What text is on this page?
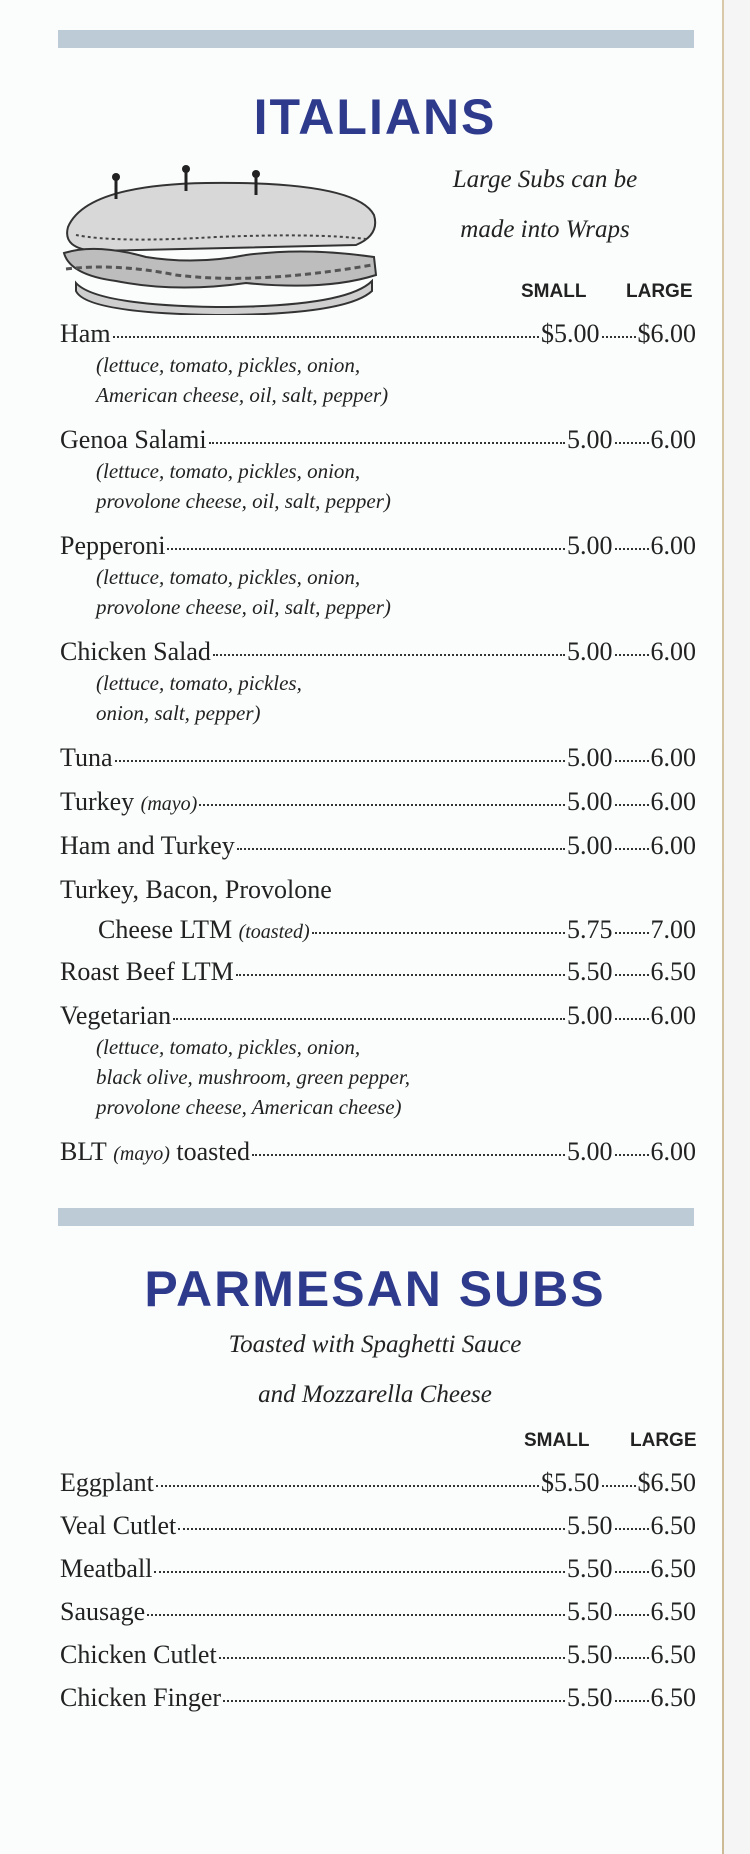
ITALIANS
Large Subs can be
made into Wraps
SMALL LARGE
Ham	$5.00 $6.00
(lettuce, tomato, pickles, onion,
American cheese, oil, salt, pepper)
Genoa Salami	5.00 6.00
(lettuce, tomato, pickles, onion,
provolone cheese, oil, salt, pepper)
Pepperoni	5.00 6.00
(lettuce, tomato, pickles, onion,
provolone cheese, oil, salt, pepper)
Chicken Salad	5.00 6.00
(lettuce, tomato, pickles,
onion, salt, pepper)
Tuna	5.00 6.00
Turkey
(mayo)	5.00 6.00
Ham and Turkey	5.00 6.00
Turkey, Bacon, Provolone
Cheese LTM
(toasted)	5.75 7.00
Roast Beef LTM	5.50 6.50
Vegetarian	5.00 6.00
(lettuce, tomato, pickles, onion,
black olive, mushroom, green pepper,
provolone cheese, American cheese)
BLT
(mayo)
toasted	5.00 6.00
PARMESAN SUBS
Toasted with Spaghetti Sauce
and Mozzarella Cheese
SMALL LARGE
Eggplant	$5.50 $6.50
Veal Cutlet	5.50 6.50
Meatball	5.50 6.50
Sausage	5.50 6.50
Chicken Cutlet	5.50 6.50
Chicken Finger	5.50 6.50
